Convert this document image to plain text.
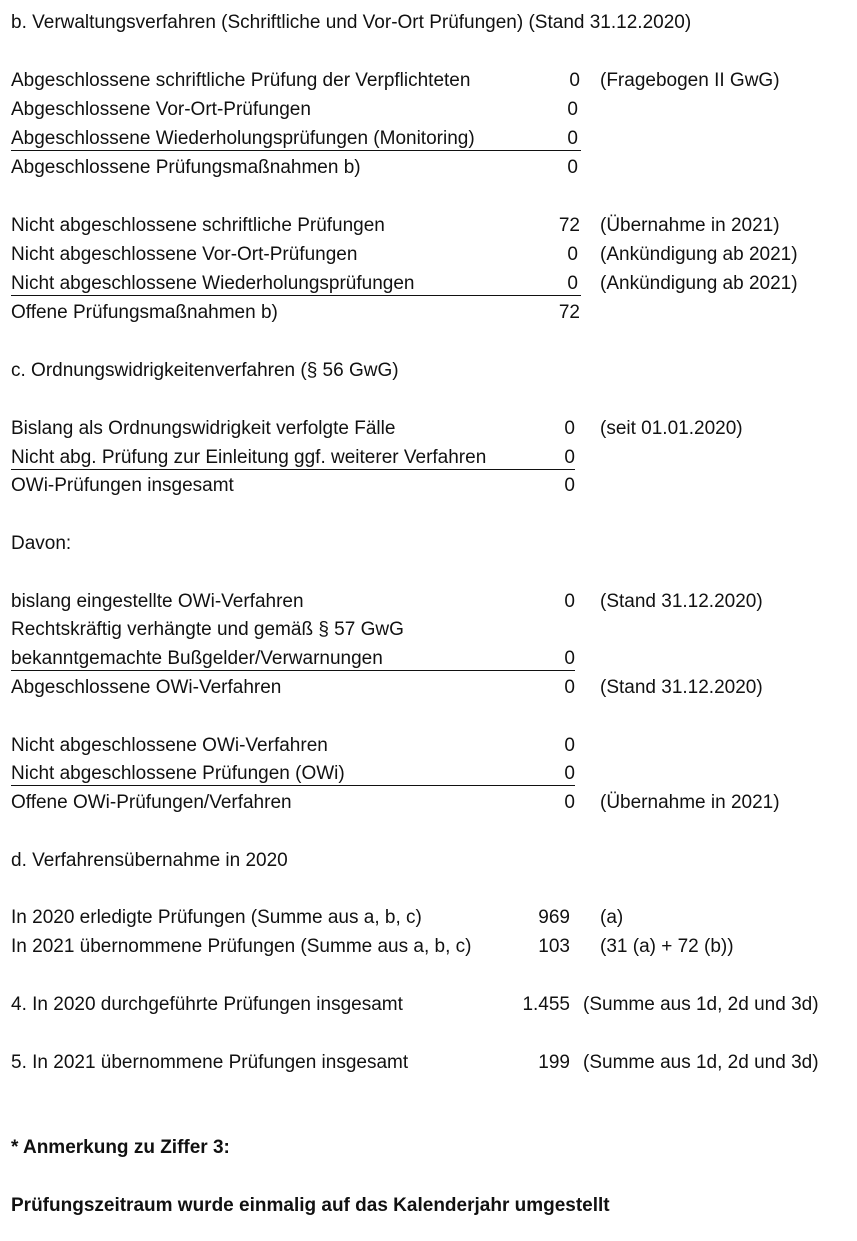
b. Verwaltungsverfahren (Schriftliche und Vor-Ort Prüfungen) (Stand 31.12.2020)
Abgeschlossene schriftliche Prüfung der Verpflichteten	0 (Fragebogen II GwG)
Abgeschlossene Vor-Ort-Prüfungen	0
Abgeschlossene Wiederholungsprüfungen (Monitoring)	0
Abgeschlossene Prüfungsmaßnahmen b)	0
Nicht abgeschlossene schriftliche Prüfungen	72 (Übernahme in 2021)
Nicht abgeschlossene Vor-Ort-Prüfungen	0 (Ankündigung ab 2021)
Nicht abgeschlossene Wiederholungsprüfungen	0 (Ankündigung ab 2021)
Offene Prüfungsmaßnahmen b)	72
c. Ordnungswidrigkeitenverfahren (§ 56 GwG)
Bislang als Ordnungswidrigkeit verfolgte Fälle	0 (seit 01.01.2020)
Nicht abg. Prüfung zur Einleitung ggf. weiterer Verfahren	0
OWi-Prüfungen insgesamt	0
Davon:
bislang eingestellte OWi-Verfahren	0 (Stand 31.12.2020)
Rechtskräftig verhängte und gemäß § 57 GwG
bekanntgemachte Bußgelder/Verwarnungen	0
Abgeschlossene OWi-Verfahren	0 (Stand 31.12.2020)
Nicht abgeschlossene OWi-Verfahren	0
Nicht abgeschlossene Prüfungen (OWi)	0
Offene OWi-Prüfungen/Verfahren	0 (Übernahme in 2021)
d. Verfahrensübernahme in 2020
In 2020 erledigte Prüfungen (Summe aus a, b, c)	969 (a)
In 2021 übernommene Prüfungen (Summe aus a, b, c)	103 (31 (a) + 72 (b))
4. In 2020 durchgeführte Prüfungen insgesamt	1.455 (Summe aus 1d, 2d und 3d)
5. In 2021 übernommene Prüfungen insgesamt	199 (Summe aus 1d, 2d und 3d)
* Anmerkung zu Ziffer 3:
Prüfungszeitraum wurde einmalig auf das Kalenderjahr umgestellt
